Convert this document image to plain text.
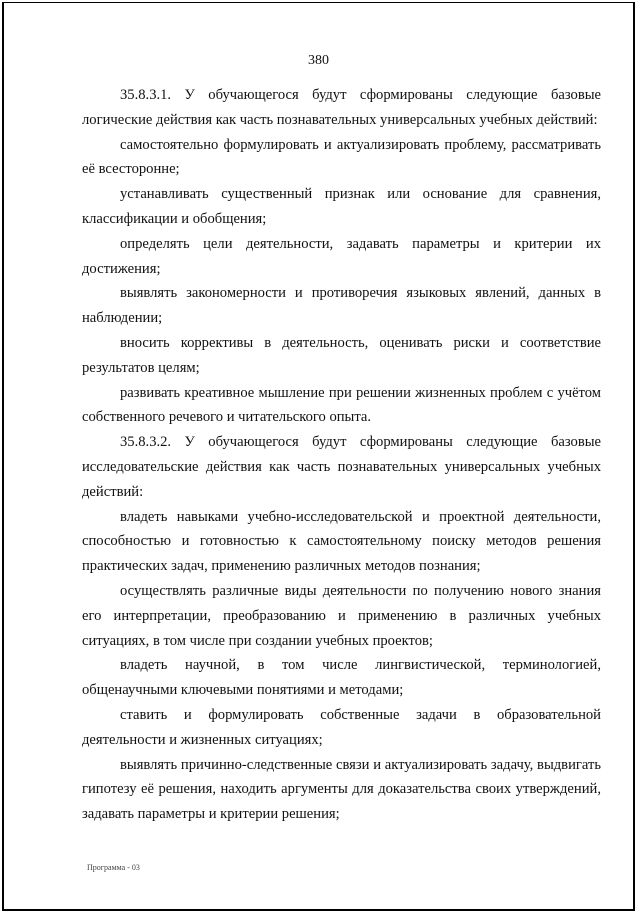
380

35.8.3.1. У обучающегося будут сформированы следующие базовые логические действия как часть познавательных универсальных учебных действий:

самостоятельно формулировать и актуализировать проблему, рассматривать её всесторонне;

устанавливать существенный признак или основание для сравнения, классификации и обобщения;

определять цели деятельности, задавать параметры и критерии их достижения;

выявлять закономерности и противоречия языковых явлений, данных в наблюдении;

вносить коррективы в деятельность, оценивать риски и соответствие результатов целям;

развивать креативное мышление при решении жизненных проблем с учётом собственного речевого и читательского опыта.

35.8.3.2. У обучающегося будут сформированы следующие базовые исследовательские действия как часть познавательных универсальных учебных действий:

владеть навыками учебно-исследовательской и проектной деятельности, способностью и готовностью к самостоятельному поиску методов решения практических задач, применению различных методов познания;

осуществлять различные виды деятельности по получению нового знания его интерпретации, преобразованию и применению в различных учебных ситуациях, в том числе при создании учебных проектов;

владеть научной, в том числе лингвистической, терминологией, общенаучными ключевыми понятиями и методами;

ставить и формулировать собственные задачи в образовательной деятельности и жизненных ситуациях;

выявлять причинно-следственные связи и актуализировать задачу, выдвигать гипотезу её решения, находить аргументы для доказательства своих утверждений, задавать параметры и критерии решения;

Программа - 03
